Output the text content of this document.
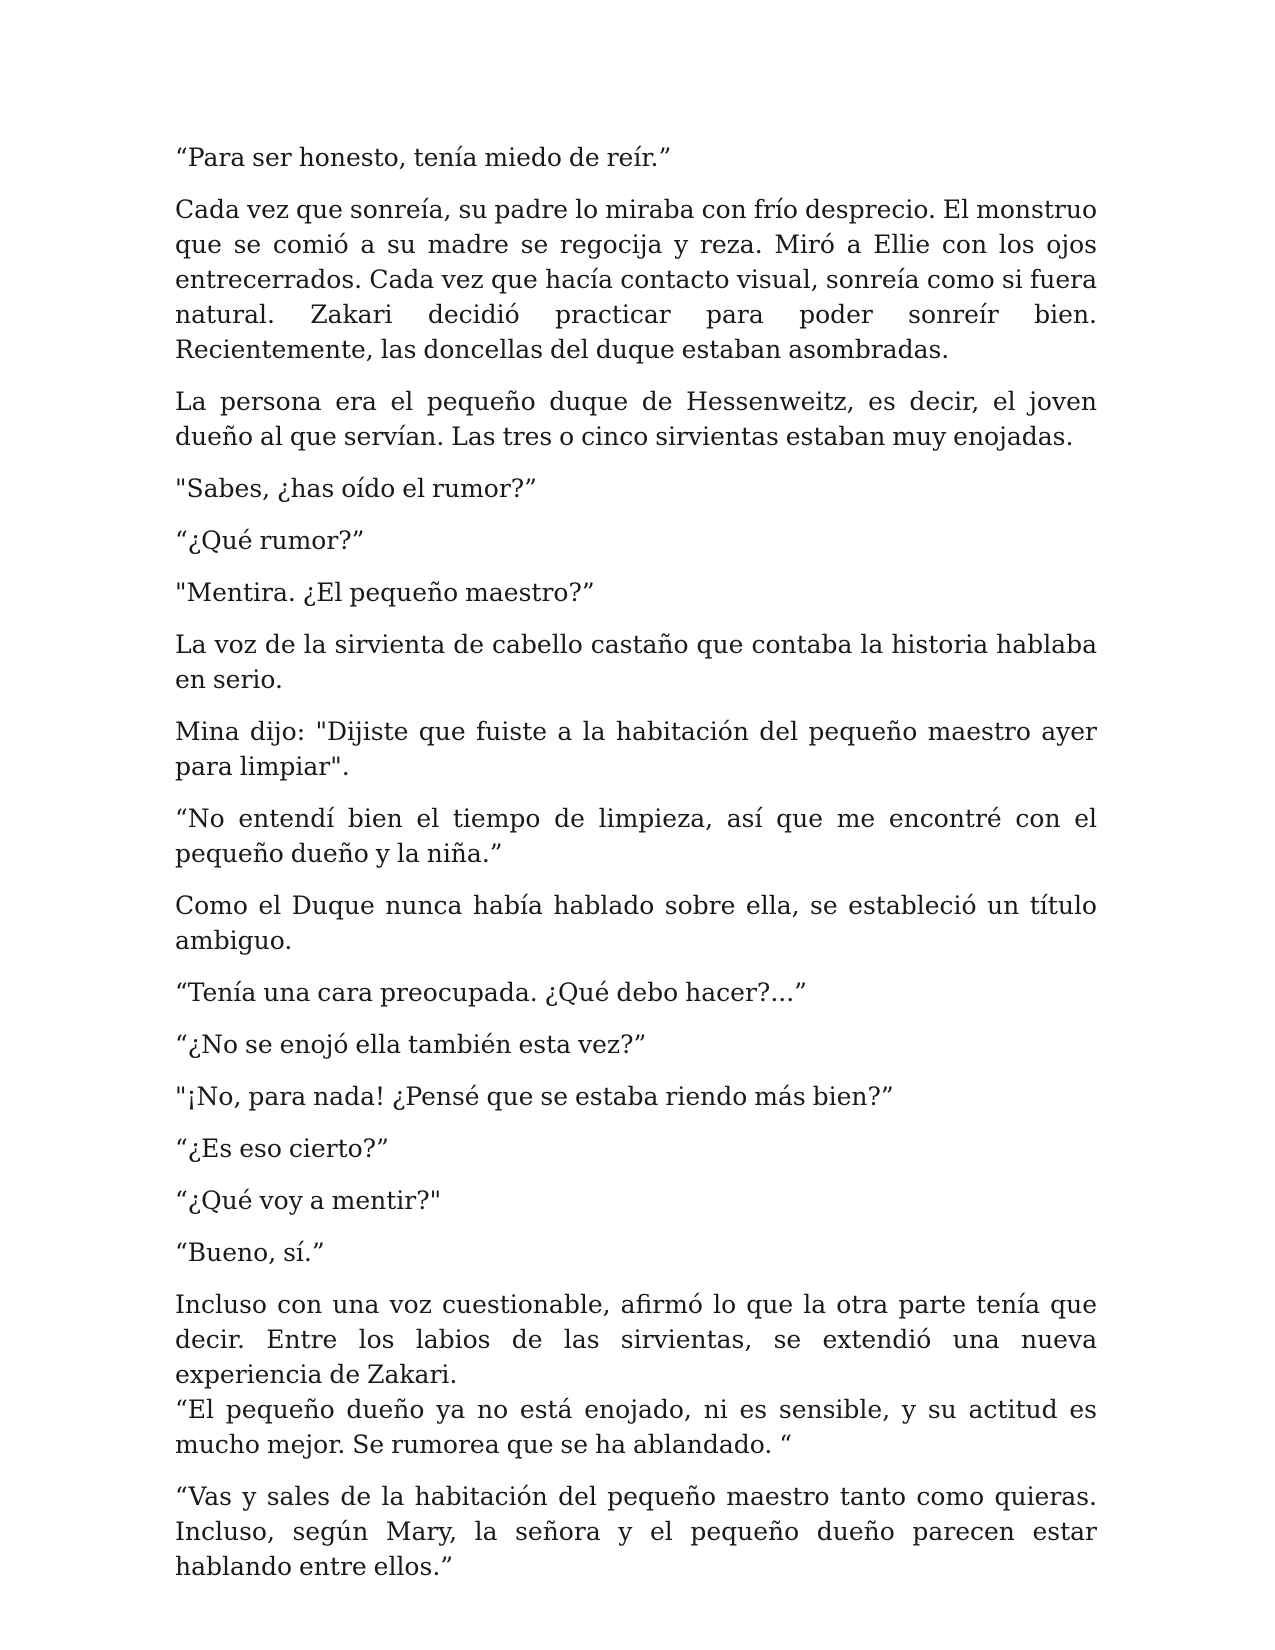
“Para ser honesto, tenía miedo de reír.”

Cada vez que sonreía, su padre lo miraba con frío desprecio. El monstruo que se comió a su madre se regocija y reza. Miró a Ellie con los ojos entrecerrados. Cada vez que hacía contacto visual, sonreía como si fuera natural. Zakari decidió practicar para poder sonreír bien. Recientemente, las doncellas del duque estaban asombradas.

La persona era el pequeño duque de Hessenweitz, es decir, el joven dueño al que servían. Las tres o cinco sirvientas estaban muy enojadas.

"Sabes, ¿has oído el rumor?”

“¿Qué rumor?”

"Mentira. ¿El pequeño maestro?”

La voz de la sirvienta de cabello castaño que contaba la historia hablaba en serio.

Mina dijo: "Dijiste que fuiste a la habitación del pequeño maestro ayer para limpiar".

“No entendí bien el tiempo de limpieza, así que me encontré con el pequeño dueño y la niña.”

Como el Duque nunca había hablado sobre ella, se estableció un título ambiguo.

“Tenía una cara preocupada. ¿Qué debo hacer?...”

“¿No se enojó ella también esta vez?”

"¡No, para nada! ¿Pensé que se estaba riendo más bien?”

“¿Es eso cierto?”

“¿Qué voy a mentir?"

“Bueno, sí.”

Incluso con una voz cuestionable, afirmó lo que la otra parte tenía que decir. Entre los labios de las sirvientas, se extendió una nueva experiencia de Zakari.

“El pequeño dueño ya no está enojado, ni es sensible, y su actitud es mucho mejor. Se rumorea que se ha ablandado. “

“Vas y sales de la habitación del pequeño maestro tanto como quieras. Incluso, según Mary, la señora y el pequeño dueño parecen estar hablando entre ellos.”
